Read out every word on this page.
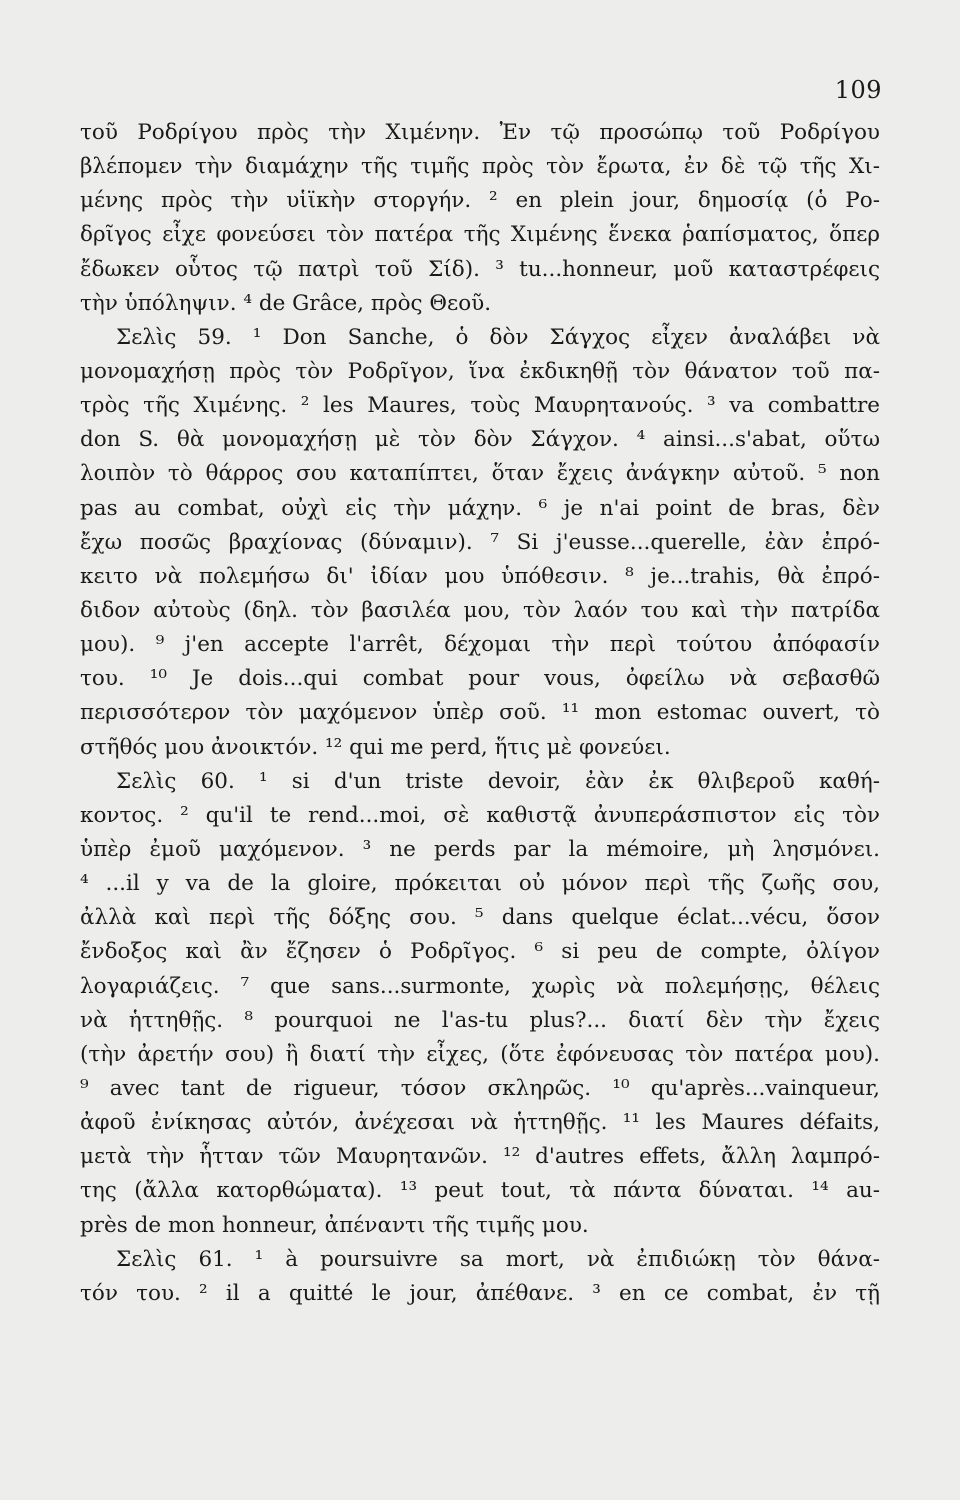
109
τοῦ Ροδρίγου πρὸς τὴν Χιμένην. Ἐν τῷ προσώπῳ τοῦ Ροδρίγου
βλέπομεν τὴν διαμάχην τῆς τιμῆς πρὸς τὸν ἔρωτα, ἐν δὲ τῷ τῆς Χι-
μένης πρὸς τὴν υἱϊκὴν στοργήν. ² en plein jour, δημοσίᾳ (ὁ Ρο-
δρῖγος εἶχε φονεύσει τὸν πατέρα τῆς Χιμένης ἕνεκα ῥαπίσματος, ὅπερ
ἔδωκεν οὗτος τῷ πατρὶ τοῦ Σίδ). ³ tu...honneur, μοῦ καταστρέφεις
τὴν ὑπόληψιν. ⁴ de Grâce, πρὸς Θεοῦ.
Σελὶς 59. ¹ Don Sanche, ὁ δὸν Σάγχος εἶχεν ἀναλάβει νὰ
μονομαχήσῃ πρὸς τὸν Ροδρῖγον, ἵνα ἐκδικηθῇ τὸν θάνατον τοῦ πα-
τρὸς τῆς Χιμένης. ² les Maures, τοὺς Μαυρητανούς. ³ va combattre
don S. θὰ μονομαχήσῃ μὲ τὸν δὸν Σάγχον. ⁴ ainsi...s'abat, οὕτω
λοιπὸν τὸ θάρρος σου καταπίπτει, ὅταν ἔχεις ἀνάγκην αὐτοῦ. ⁵ non
pas au combat, οὐχὶ εἰς τὴν μάχην. ⁶ je n'ai point de bras, δὲν
ἔχω ποσῶς βραχίονας (δύναμιν). ⁷ Si j'eusse...querelle, ἐὰν ἐπρό-
κειτο νὰ πολεμήσω δι' ἰδίαν μου ὑπόθεσιν. ⁸ je...trahis, θὰ ἐπρό-
διδον αὐτοὺς (δηλ. τὸν βασιλέα μου, τὸν λαόν του καὶ τὴν πατρίδα
μου). ⁹ j'en accepte l'arrêt, δέχομαι τὴν περὶ τούτου ἀπόφασίν
του. ¹⁰ Je dois...qui combat pour vous, ὀφείλω νὰ σεβασθῶ
περισσότερον τὸν μαχόμενον ὑπὲρ σοῦ. ¹¹ mon estomac ouvert, τὸ
στῆθός μου ἀνοικτόν. ¹² qui me perd, ἥτις μὲ φονεύει.
Σελὶς 60. ¹ si d'un triste devoir, ἐὰν ἐκ θλιβεροῦ καθή-
κοντος. ² qu'il te rend...moi, σὲ καθιστᾷ ἀνυπεράσπιστον εἰς τὸν
ὑπὲρ ἐμοῦ μαχόμενον. ³ ne perds par la mémoire, μὴ λησμόνει.
⁴ ...il y va de la gloire, πρόκειται οὐ μόνον περὶ τῆς ζωῆς σου,
ἀλλὰ καὶ περὶ τῆς δόξης σου. ⁵ dans quelque éclat...vécu, ὅσον
ἔνδοξος καὶ ἂν ἔζησεν ὁ Ροδρῖγος. ⁶ si peu de compte, ὀλίγον
λογαριάζεις. ⁷ que sans...surmonte, χωρὶς νὰ πολεμήσῃς, θέλεις
νὰ ἡττηθῇς. ⁸ pourquoi ne l'as-tu plus?... διατί δὲν τὴν ἔχεις
(τὴν ἀρετήν σου) ἢ διατί τὴν εἶχες, (ὅτε ἐφόνευσας τὸν πατέρα μου).
⁹ avec tant de rigueur, τόσον σκληρῶς. ¹⁰ qu'après...vainqueur,
ἀφοῦ ἐνίκησας αὐτόν, ἀνέχεσαι νὰ ἡττηθῇς. ¹¹ les Maures défaits,
μετὰ τὴν ἧτταν τῶν Μαυρητανῶν. ¹² d'autres effets, ἄλλη λαμπρό-
της (ἄλλα κατορθώματα). ¹³ peut tout, τὰ πάντα δύναται. ¹⁴ au-
près de mon honneur, ἀπέναντι τῆς τιμῆς μου.
Σελὶς 61. ¹ à poursuivre sa mort, νὰ ἐπιδιώκῃ τὸν θάνα-
τόν του. ² il a quitté le jour, ἀπέθανε. ³ en ce combat, ἐν τῇ
